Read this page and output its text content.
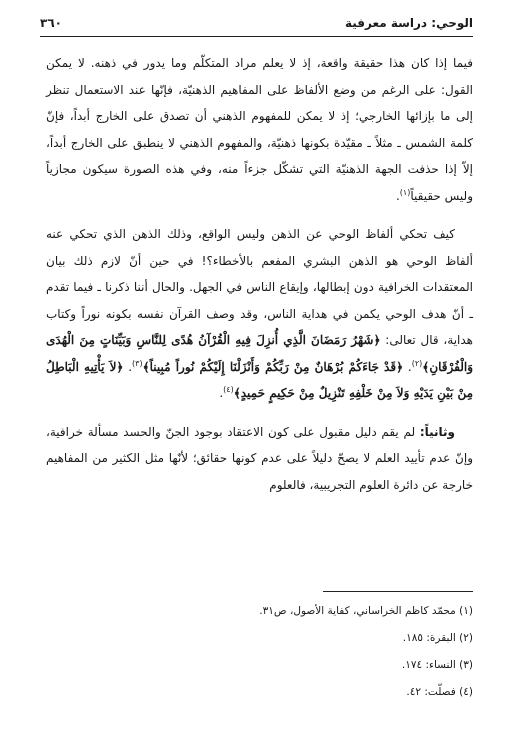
الوحي: دراسة معرفية
٣٦٠

فيما إذا كان هذا حقيقة واقعة، إذ لا يعلم مراد المتكلّم وما يدور في ذهنه. لا يمكن القول: على الرغم من وضع الألفاظ على المفاهيم الذهنيّة، فإنّها عند الاستعمال تنظر إلى ما بإزائها الخارجي؛ إذ لا يمكن للمفهوم الذهني أن تصدق على الخارج أبداً، فإنّ كلمة الشمس ـ مثلاً ـ مقيّدة بكونها ذهنيّة، والمفهوم الذهني لا ينطبق على الخارج أبداً، إلاّ إذا حذفت الجهة الذهنيّة التي تشكّل جزءاً منه، وفي هذه الصورة سيكون مجازياً وليس حقيقياً$^{(١)}$.

كيف تحكي ألفاظ الوحي عن الذهن وليس الواقع، وذلك الذهن الذي تحكي عنه ألفاظ الوحي هو الذهن البشري المفعم بالأخطاء؟! في حين أنّ لازم ذلك بيان المعتقدات الخرافية دون إبطالها، وإيقاع الناس في الجهل. والحال أننا ذكرنا ـ فيما تقدم ـ أنّ هدف الوحي يكمن في هداية الناس، وقد وصف القرآن نفسه بكونه نوراً وكتاب هداية، قال تعالى: ﴿شَهْرُ رَمَضَانَ الَّذِي أُنزِلَ فِيهِ الْقُرْآنُ هُدًى لِلنَّاسِ وَبَيِّنَاتٍ مِنَ الْهُدَى وَالْفُرْقَانِ﴾$^{(٢)}$. ﴿قَدْ جَاءَكُمْ بُرْهَانٌ مِنْ رَبِّكُمْ وَأَنْزَلْنَا إِلَيْكُمْ نُوراً مُبِيناً﴾$^{(٣)}$. ﴿لاَ يَأْتِيهِ الْبَاطِلُ مِنْ بَيْنِ يَدَيْهِ وَلاَ مِنْ خَلْفِهِ تَنْزِيلٌ مِنْ حَكِيمٍ حَمِيدٍ﴾$^{(٤)}$.

وثانياً: لم يقم دليل مقبول على كون الاعتقاد بوجود الجنّ والحسد مسألة خرافية، وإنّ عدم تأييد العلم لا يصحّ دليلاً على عدم كونها حقائق؛ لأنّها مثل الكثير من المفاهيم خارجة عن دائرة العلوم التجريبية، فالعلوم

(١) محمّد كاظم الخراساني، كفاية الأصول، ص٣١.

(٢) البقرة: ١٨٥.

(٣) النساء: ١٧٤.

(٤) فصلّت: ٤٢.
